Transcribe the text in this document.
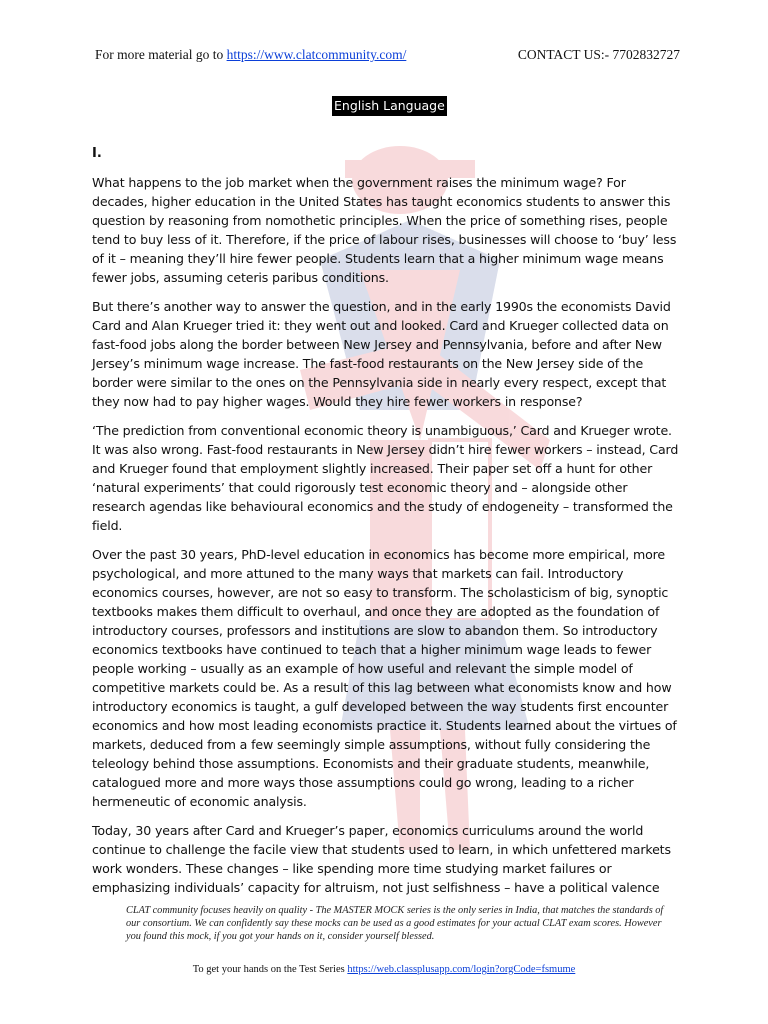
For more material go to https://www.clatcommunity.com/	CONTACT US:- 7702832727
English Language
I.

What happens to the job market when the government raises the minimum wage? For decades, higher education in the United States has taught economics students to answer this question by reasoning from nomothetic principles. When the price of something rises, people tend to buy less of it. Therefore, if the price of labour rises, businesses will choose to ‘buy’ less of it – meaning they’ll hire fewer people. Students learn that a higher minimum wage means fewer jobs, assuming ceteris paribus conditions.

But there’s another way to answer the question, and in the early 1990s the economists David Card and Alan Krueger tried it: they went out and looked. Card and Krueger collected data on fast-food jobs along the border between New Jersey and Pennsylvania, before and after New Jersey’s minimum wage increase. The fast-food restaurants on the New Jersey side of the border were similar to the ones on the Pennsylvania side in nearly every respect, except that they now had to pay higher wages. Would they hire fewer workers in response?

‘The prediction from conventional economic theory is unambiguous,’ Card and Krueger wrote. It was also wrong. Fast-food restaurants in New Jersey didn’t hire fewer workers – instead, Card and Krueger found that employment slightly increased. Their paper set off a hunt for other ‘natural experiments’ that could rigorously test economic theory and – alongside other research agendas like behavioural economics and the study of endogeneity – transformed the field.

Over the past 30 years, PhD-level education in economics has become more empirical, more psychological, and more attuned to the many ways that markets can fail. Introductory economics courses, however, are not so easy to transform. The scholasticism of big, synoptic textbooks makes them difficult to overhaul, and once they are adopted as the foundation of introductory courses, professors and institutions are slow to abandon them. So introductory economics textbooks have continued to teach that a higher minimum wage leads to fewer people working – usually as an example of how useful and relevant the simple model of competitive markets could be. As a result of this lag between what economists know and how introductory economics is taught, a gulf developed between the way students first encounter economics and how most leading economists practice it. Students learned about the virtues of markets, deduced from a few seemingly simple assumptions, without fully considering the teleology behind those assumptions. Economists and their graduate students, meanwhile, catalogued more and more ways those assumptions could go wrong, leading to a richer hermeneutic of economic analysis.

Today, 30 years after Card and Krueger’s paper, economics curriculums around the world continue to challenge the facile view that students used to learn, in which unfettered markets work wonders. These changes – like spending more time studying market failures or emphasizing individuals’ capacity for altruism, not just selfishness – have a political valence

CLAT community focuses heavily on quality - The MASTER MOCK series is the only series in India, that matches the standards of our consortium. We can confidently say these mocks can be used as a good estimates for your actual CLAT exam scores. However you found this mock, if you got your hands on it, consider yourself blessed.
To get your hands on the Test Series https://web.classplusapp.com/login?orgCode=fsmume
